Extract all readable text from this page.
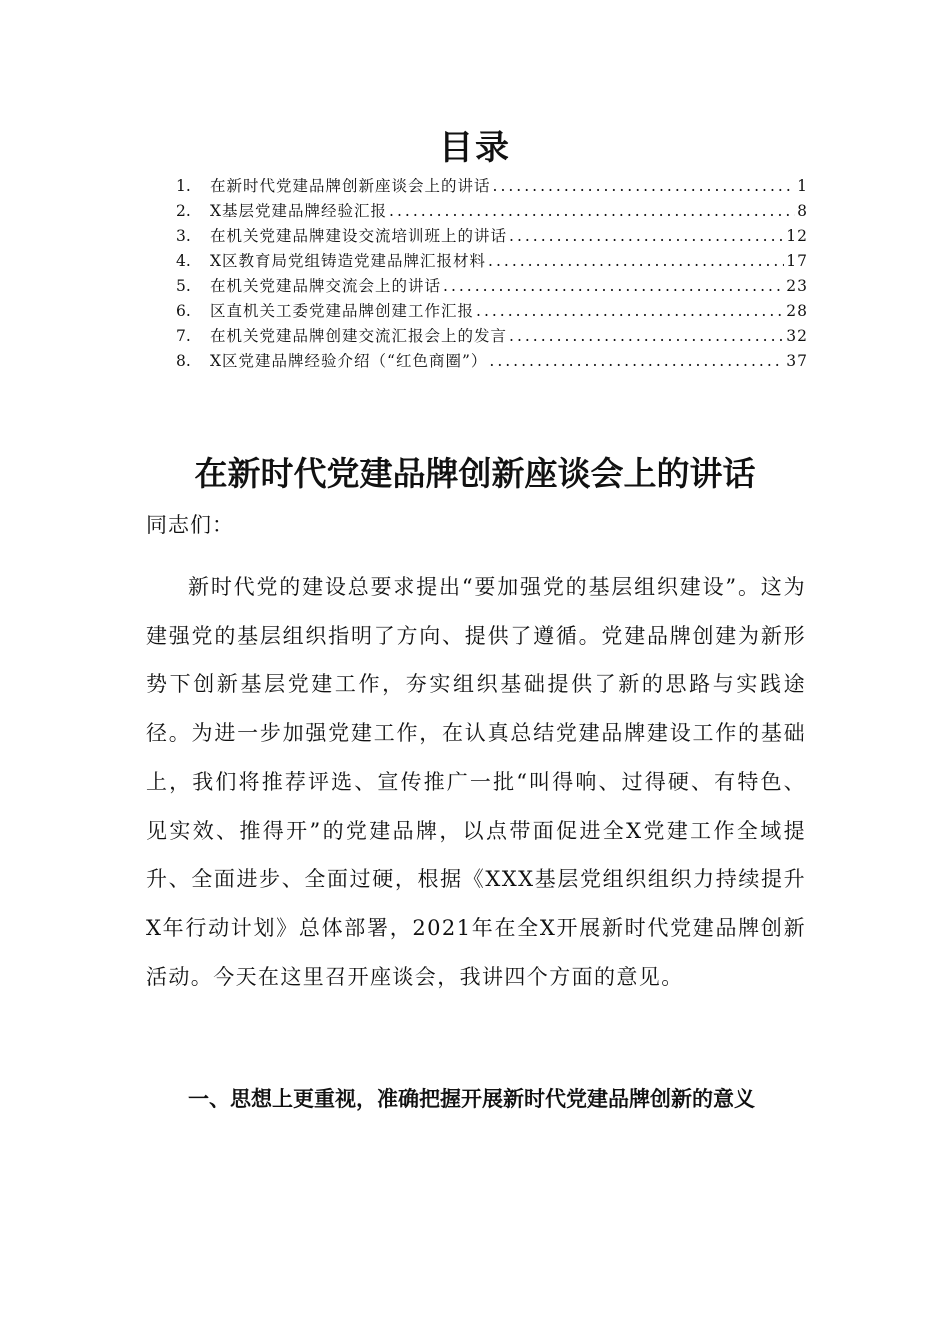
目录
1.	在新时代党建品牌创新座谈会上的讲话 .....	1
2.	X基层党建品牌经验汇报 .....	8
3.	在机关党建品牌建设交流培训班上的讲话 .....	12
4.	X区教育局党组铸造党建品牌汇报材料 .....	17
5.	在机关党建品牌交流会上的讲话 .....	23
6.	区直机关工委党建品牌创建工作汇报 .....	28
7.	在机关党建品牌创建交流汇报会上的发言 .....	32
8.	X区党建品牌经验介绍（“红色商圈”） .....	37
在新时代党建品牌创新座谈会上的讲话
同志们：

新时代党的建设总要求提出“要加强党的基层组织建设”。这为建强党的基层组织指明了方向、提供了遵循。党建品牌创建为新形势下创新基层党建工作，夯实组织基础提供了新的思路与实践途径。为进一步加强党建工作，在认真总结党建品牌建设工作的基础上，我们将推荐评选、宣传推广一批“叫得响、过得硬、有特色、见实效、推得开”的党建品牌，以点带面促进全X党建工作全域提升、全面进步、全面过硬，根据《XXX基层党组织组织力持续提升X年行动计划》总体部署，2021年在全X开展新时代党建品牌创新活动。今天在这里召开座谈会，我讲四个方面的意见。

一、思想上更重视，准确把握开展新时代党建品牌创新的意义
